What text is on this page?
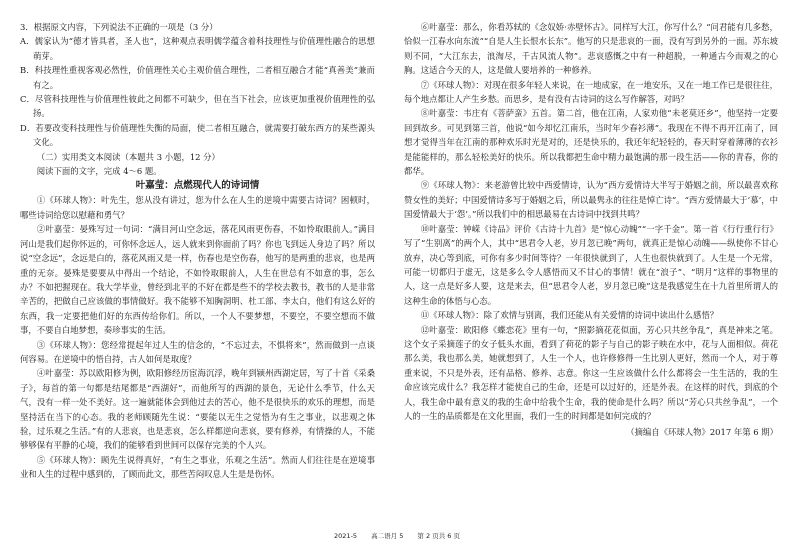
3．根据原文内容，下列说法不正确的一项是（3 分）

A．儒家认为“德才皆具者，圣人也”，这种观点表明儒学蕴含着科技理性与价值理性融合的思想萌芽。

B．科技理性重视客观必然性，价值理性关心主观价值合理性，二者相互融合才能“真善美”兼而有之。

C．尽管科技理性与价值理性彼此之间都不可缺少，但在当下社会，应该更加重视价值理性的弘扬。

D．若要改变科技理性与价值理性失衡的局面，使二者相互融合，就需要打破东西方的某些源头文化。

（二）实用类文本阅读（本题共 3 小题，12 分）

阅读下面的文字，完成 4～6 题。

叶嘉莹：点燃现代人的诗词情

①《环球人物》：叶先生，您从没有讲过，您为什么在人生的逆境中需要古诗词？困顿时，哪些诗词给您以慰藉和勇气？

②叶嘉莹：晏殊写过一句词：“满目河山空念远，落花风雨更伤春，不如怜取眼前人。”满目河山是我们起你怀远的，可你怀念远人，远人就来到你面前了吗？你也飞到远人身边了吗？所以说“空念远”，念远是白的，落花风雨又是一样，伤春也是空伤春，他写的是两重的悲哀，也是两重的无奈。晏殊是要要从中得出一个结论，不如怜取眼前人，人生在世总有不如意的事，怎么办？不如把握现在。我大学毕业，曾经到北平的不好在都是些不的学校去教书，教书的人是非常辛苦的，把做自己应该做的事情做好。我不能够不知胸洞明、杜工部、李太白，他们有这么好的东西，我一定要把他们好的东西传给你们。所以，一个人不要梦想，不要空，不要空想而不做事，不要自白地梦想，奏珍事实的生活。

③《环球人物》：您经常提起年过人生的信念的，“不忘过去，不惧将来”，然而做到一点谈何容易。在逆境中的悟自持，古人如何是取度？

④叶嘉莹：苏以欧阳修为例，欧阳修经历宦海沉浮，晚年到颍州西湖定居，写了十首《采桑子》，每首的第一句都是结尾都是“西湖好”，而他所写的西湖的景色，无论什么季节，什么天气，没有一样一处不美好。这一遍就能体会到他过去的苦心，他不是很快乐的欢乐的理想，而是坚持活在当下的心态。我的老师顾随先生说：“要能以无生之觉悟为有生之事业，以悲观之体验，过乐观之生活。”有的人悲哀，也是悲哀，怎么样都逆向悲哀，要有修养，有情操的人，不能够够保有平静的心境，我们的能够看到世间可以保存完美的个人兴。

⑤《环球人物》：顾先生说得真好，“有生之事业，乐观之生活”。然而人们往往是在逆境事业和人生的过程中感到的，了顾而此文，那些苦闷叹息人生是是伤怀。

⑥叶嘉莹：那么，你看苏轼的《念奴娇·赤壁怀古》。同样写大江，你写什么？“问君能有几多愁，恰似一江春水向东流”“自是人生长恨水长东”。他写的只是悲哀的一面，没有写到另外的一面。苏东坡则不同，“大江东去，浪淘尽，千古风流人物”。悲哀感慨之中有一种超脱，一种通古今而观之的心胸。这适合今天的人，这是做人要培养的一种修养。

⑦《环球人物》：对现在很多年轻人来说，在一地成家，在一地安乐，又在一地工作已是很往往，每个地点都让人产生乡愁。而思乡，是有没有古诗词的这么写作解答，对吗？

⑧叶嘉莹：韦庄有《菩萨蛮》五首。第二首，他在江南，人家劝他“未老莫还乡”，他坚持一定要回到故乡。可见到第三首，他说“如今却忆江南乐，当时年少春衫薄”。我现在不得不再开江南了，回想才觉得当年在江南的那种欢乐时光是对的，还是快乐的，我还年纪轻轻的，春天时穿着薄薄的衣衫是能能样的，那么轻松美好的快乐。所以我都把生命中精力最饱满的那一段生活——你的青春，你的都华。

⑨《环球人物》：来老游曾比较中西爱情诗，认为“西方爱情诗大半写于婚姻之前，所以最喜欢称赞女性的美好；中国爱情诗多写于婚姻之后，所以最隽永的往往是悼亡诗”。“西方爱情最大于‘慕’，中国爱情最大于‘怨’。”所以我们中的相思最易在古诗词中找到共鸣？

⑩叶嘉莹：钟嵘《诗品》评价《古诗十九首》是“惊心动魄”“一字千金”。第一首《行行重行行》写了“生别离”的两个人，其中“思君令人老，岁月忽已晚”两句，就真正是惊心动魄——纵使你不甘心放弃，决心等到底，可你有多少时间等待？一年很快就到了，人生也很快就到了。人生是一个无常，可能一切都归于虚无，这是多么令人感悟而又不甘心的事情！就在“浪子”、“明月”这样的事物里的人，这一点是好多人要，这是来去，但“思君令人老，岁月忽已晚”这是我感觉生在十九首里所谓人的这种生命的体悟与心态。

⑪《环球人物》：除了欢情与别离，我们还能从有关爱情的诗词中读出什么感悟？

⑫叶嘉莹：欧阳修《蝶恋花》里有一句，“照影摘花花似面，芳心只共丝争乱”，真是神来之笔。这个女子采摘莲子的女子低头水面，看到了荷花的影子与自己的影子映在水中，花与人面相似。荷花那么美，我也那么美，她就想到了，人生一个人，也许修修得一生比别人更好，然而一个人，对于尊重来说，不只是外表，还有品格、修养、志意。你这一生应该做什么什么都将会一生生活的，我的生命应该完成什么？我怎样才能使自己的生命，还是可以过好的，还是外表。在这样的时代，到底的个人，我生命中最有意义的我的生命中给我个生命，我的使命是什么吗？所以“芳心只共丝争乱”，一个人的一生的品质都是在文化里面，我们一生的时间都是如何完成的？

（摘编自《环球人物》2017 年第 6 期）

2021-5 高二语月 5 第 2 页共 6 页
